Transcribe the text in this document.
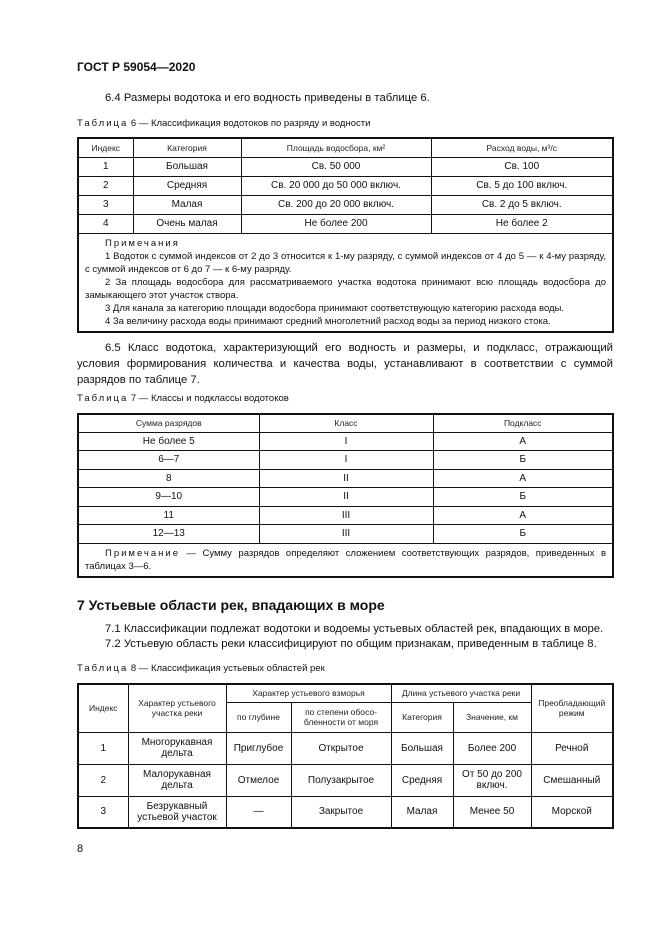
ГОСТ Р 59054—2020
6.4 Размеры водотока и его водность приведены в таблице 6.
Таблица 6 — Классификация водотоков по разряду и водности
Индекс	Категория	Площадь водосбора, км²	Расход воды, м³/с
1	Большая	Св. 50 000	Св. 100
2	Средняя	Св. 20 000 до 50 000 включ.	Св. 5 до 100 включ.
3	Малая	Св. 200 до 20 000 включ.	Св. 2 до 5 включ.
4	Очень малая	Не более 200	Не более 2

Примечания
1 Водоток с суммой индексов от 2 до 3 относится к 1-му разряду, с суммой индексов от 4 до 5 — к 4-му разряду, с суммой индексов от 6 до 7 — к 6-му разряду.
2 За площадь водосбора для рассматриваемого участка водотока принимают всю площадь водосбора до замыкающего этот участок створа.
3 Для канала за категорию площади водосбора принимают соответствующую категорию расхода воды.
4 За величину расхода воды принимают средний многолетний расход воды за период низкого стока.			
6.5 Класс водотока, характеризующий его водность и размеры, и подкласс, отражающий условия формирования количества и качества воды, устанавливают в соответствии с суммой разрядов по таблице 7.
Таблица 7 — Классы и подклассы водотоков
Сумма разрядов	Класс	Подкласс
Не более 5	I	А
6—7	I	Б
8	II	А
9—10	II	Б
11	III	А
12—13	III	Б
Примечание — Сумму разрядов определяют сложением соответствующих разрядов, приведенных в таблицах 3—6.		
7 Устьевые области рек, впадающих в море
7.1 Классификации подлежат водотоки и водоемы устьевых областей рек, впадающих в море.
7.2 Устьевую область реки классифицируют по общим признакам, приведенным в таблице 8.
Таблица 8 — Классификация устьевых областей рек
Индекс	Характер устьевого участка реки	Характер устьевого взморья		Длина устьевого участка реки		Преобладающий режим
		по глубине	по степени обосо-бленности от моря	Категория	Значение, км	
1	Многорукавная дельта	Приглубое	Открытое	Большая	Более 200	Речной
2	Малорукавная дельта	Отмелое	Полузакрытое	Средняя	От 50 до 200 включ.	Смешанный
3	Безрукавный устьевой участок	—	Закрытое	Малая	Менее 50	Морской
8
